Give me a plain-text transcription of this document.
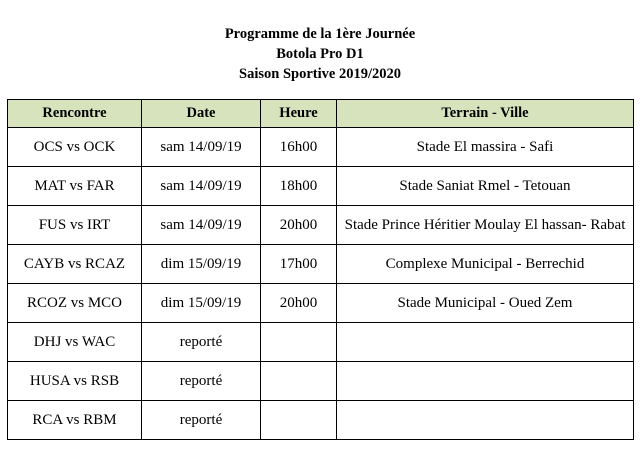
Programme de la 1ère Journée
Botola Pro D1
Saison Sportive 2019/2020
Rencontre	Date	Heure	Terrain - Ville
OCS vs OCK	sam 14/09/19	16h00	Stade El massira - Safi
MAT vs FAR	sam 14/09/19	18h00	Stade Saniat Rmel - Tetouan
FUS vs IRT	sam 14/09/19	20h00	Stade Prince Héritier Moulay El hassan- Rabat
CAYB vs RCAZ	dim 15/09/19	17h00	Complexe Municipal - Berrechid
RCOZ vs MCO	dim 15/09/19	20h00	Stade Municipal - Oued Zem
DHJ vs WAC	reporté		
HUSA vs RSB	reporté		
RCA vs RBM	reporté		
